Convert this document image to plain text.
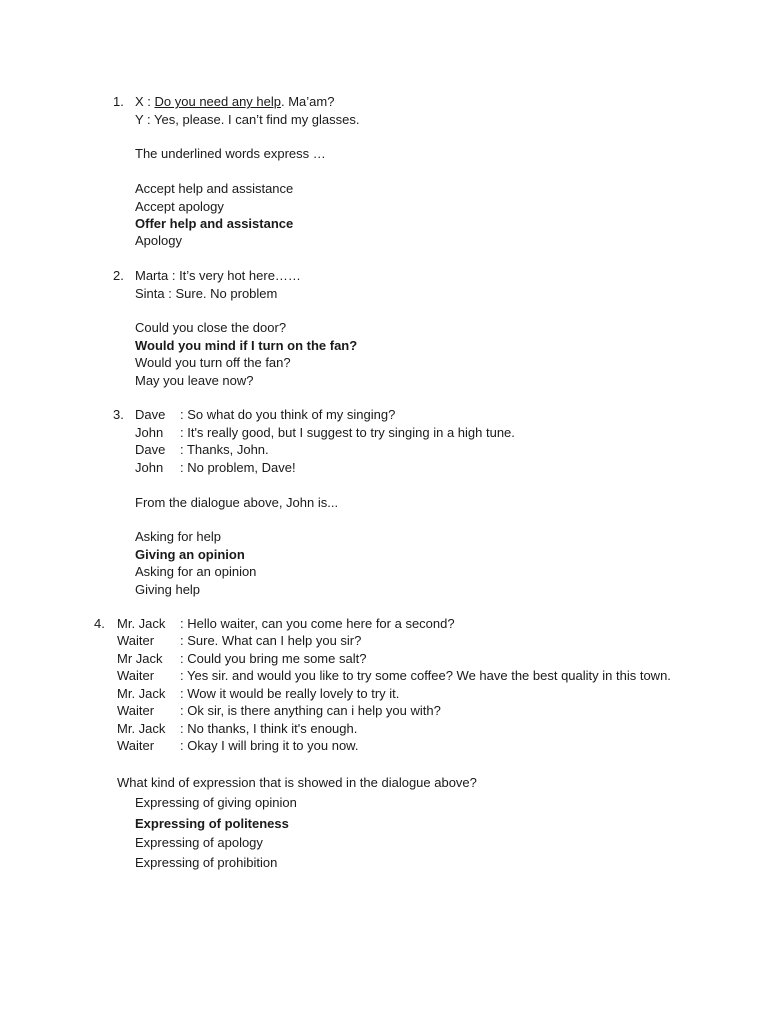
1. X : Do you need any help. Ma’am?
Y : Yes, please. I can’t find my glasses.
The underlined words express …
Accept help and assistance
Accept apology
Offer help and assistance
Apology
2. Marta : It’s very hot here……
Sinta : Sure. No problem
Could you close the door?
Would you mind if I turn on the fan?
Would you turn off the fan?
May you leave now?
3. Dave : So what do you think of my singing?
John : It's really good, but I suggest to try singing in a high tune.
Dave : Thanks, John.
John : No problem, Dave!
From the dialogue above, John is...
Asking for help
Giving an opinion
Asking for an opinion
Giving help
4. Mr. Jack : Hello waiter, can you come here for a second?
Waiter : Sure. What can I help you sir?
Mr Jack : Could you bring me some salt?
Waiter : Yes sir. and would you like to try some coffee? We have the best quality in this town.
Mr. Jack : Wow it would be really lovely to try it.
Waiter : Ok sir, is there anything can i help you with?
Mr. Jack : No thanks, I think it's enough.
Waiter : Okay I will bring it to you now.
What kind of expression that is showed in the dialogue above?
Expressing of giving opinion
Expressing of politeness
Expressing of apology
Expressing of prohibition
